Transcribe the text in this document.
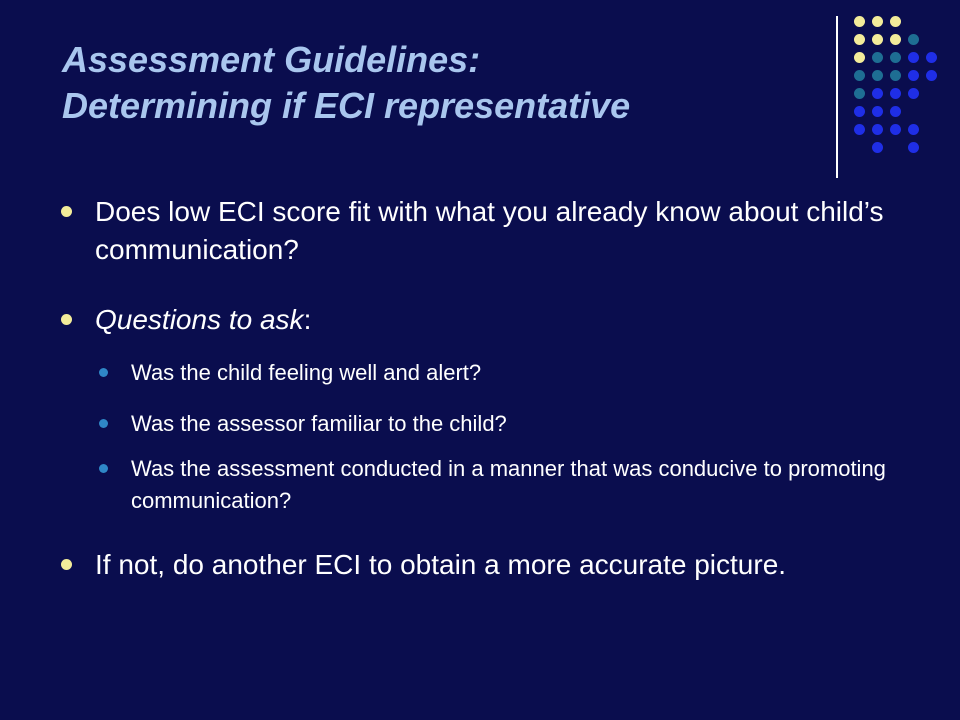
Assessment Guidelines:
Determining if ECI representative
Does low ECI score fit with what you already know about child’s communication?
Questions to ask:
Was the child feeling well and alert?
Was the assessor familiar to the child?
Was the assessment conducted in a manner that was conducive to promoting communication?
If not, do another ECI to obtain a more accurate picture.
